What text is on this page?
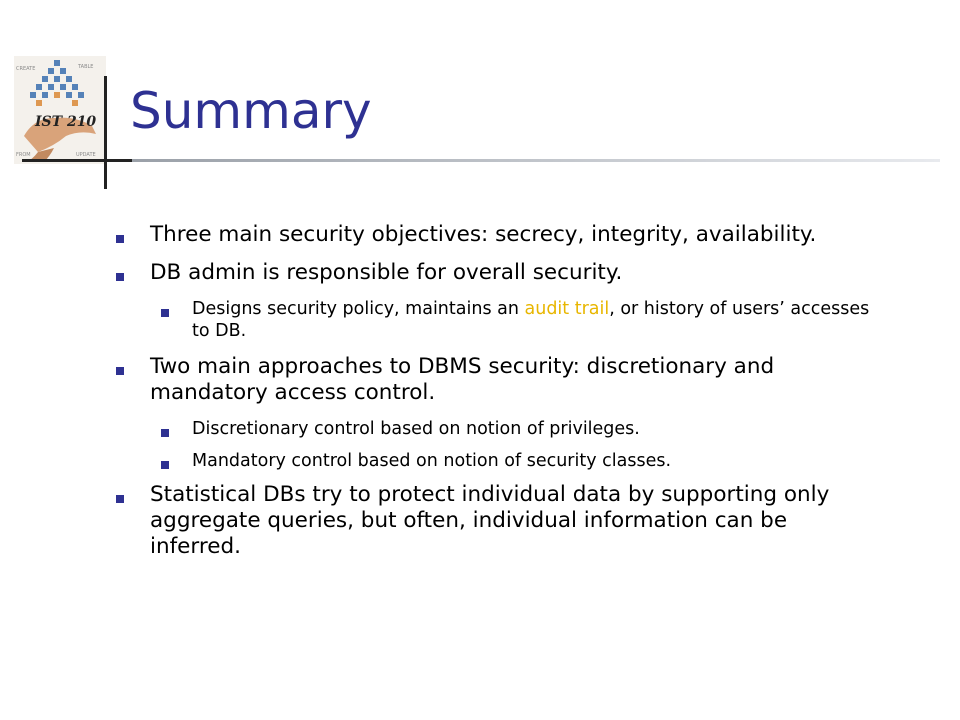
CREATE	TABLE
FROM	UPDATE
IST 210 Summary
Three main security objectives: secrecy, integrity, availability.
DB admin is responsible for overall security.
Designs security policy, maintains an audit trail, or history of users’ accesses to DB.
Two main approaches to DBMS security: discretionary and mandatory access control.
Discretionary control based on notion of privileges.
Mandatory control based on notion of security classes.
Statistical DBs try to protect individual data by supporting only aggregate queries, but often, individual information can be inferred.
